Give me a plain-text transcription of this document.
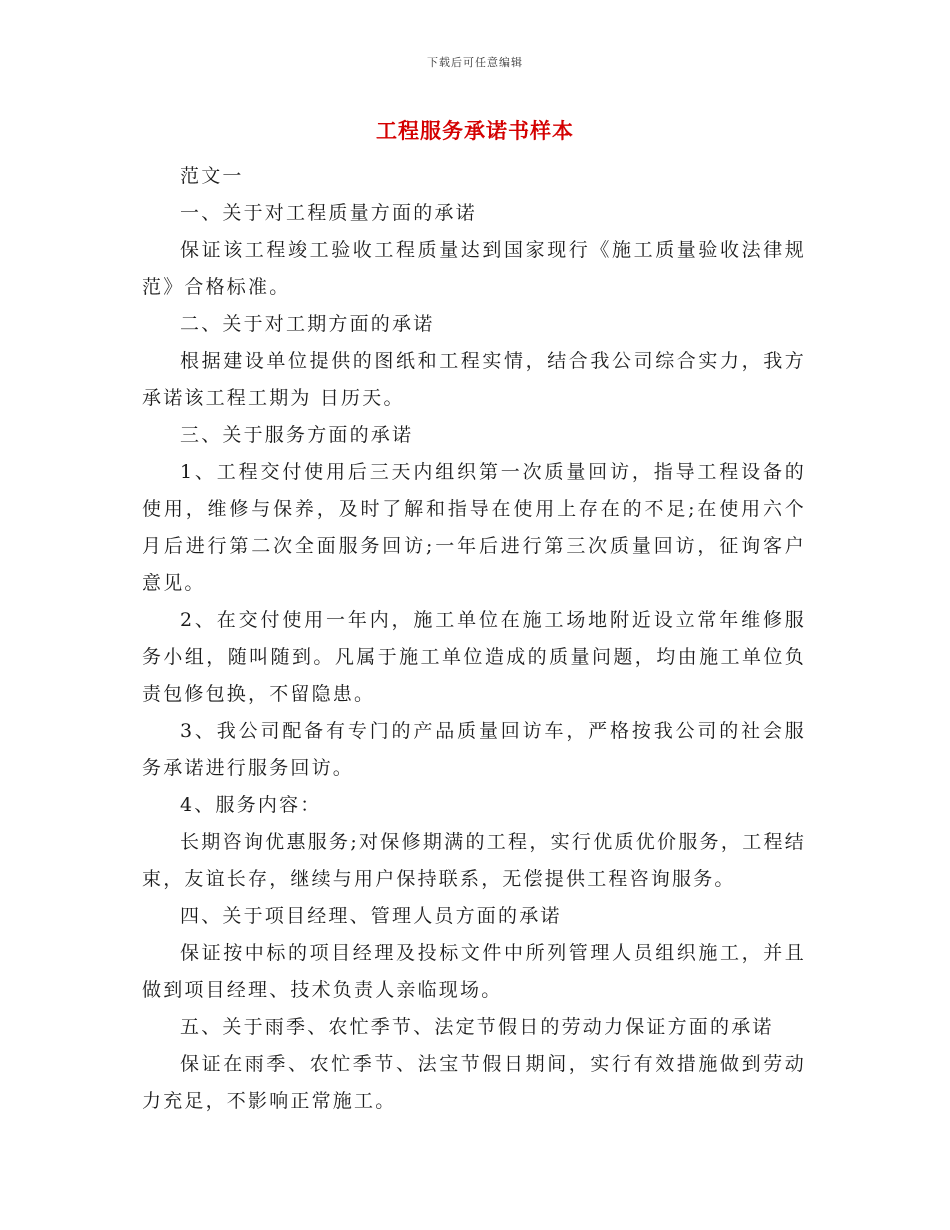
下载后可任意编辑
工程服务承诺书样本

范文一

一、关于对工程质量方面的承诺

保证该工程竣工验收工程质量达到国家现行《施工质量验收法律规范》合格标准。

二、关于对工期方面的承诺

根据建设单位提供的图纸和工程实情，结合我公司综合实力，我方承诺该工程工期为 日历天。

三、关于服务方面的承诺

1、工程交付使用后三天内组织第一次质量回访，指导工程设备的使用，维修与保养，及时了解和指导在使用上存在的不足;在使用六个月后进行第二次全面服务回访;一年后进行第三次质量回访，征询客户意见。

2、在交付使用一年内，施工单位在施工场地附近设立常年维修服务小组，随叫随到。凡属于施工单位造成的质量问题，均由施工单位负责包修包换，不留隐患。

3、我公司配备有专门的产品质量回访车，严格按我公司的社会服务承诺进行服务回访。

4、服务内容：

长期咨询优惠服务;对保修期满的工程，实行优质优价服务，工程结束，友谊长存，继续与用户保持联系，无偿提供工程咨询服务。

四、关于项目经理、管理人员方面的承诺

保证按中标的项目经理及投标文件中所列管理人员组织施工，并且做到项目经理、技术负责人亲临现场。

五、关于雨季、农忙季节、法定节假日的劳动力保证方面的承诺

保证在雨季、农忙季节、法宝节假日期间，实行有效措施做到劳动力充足，不影响正常施工。
